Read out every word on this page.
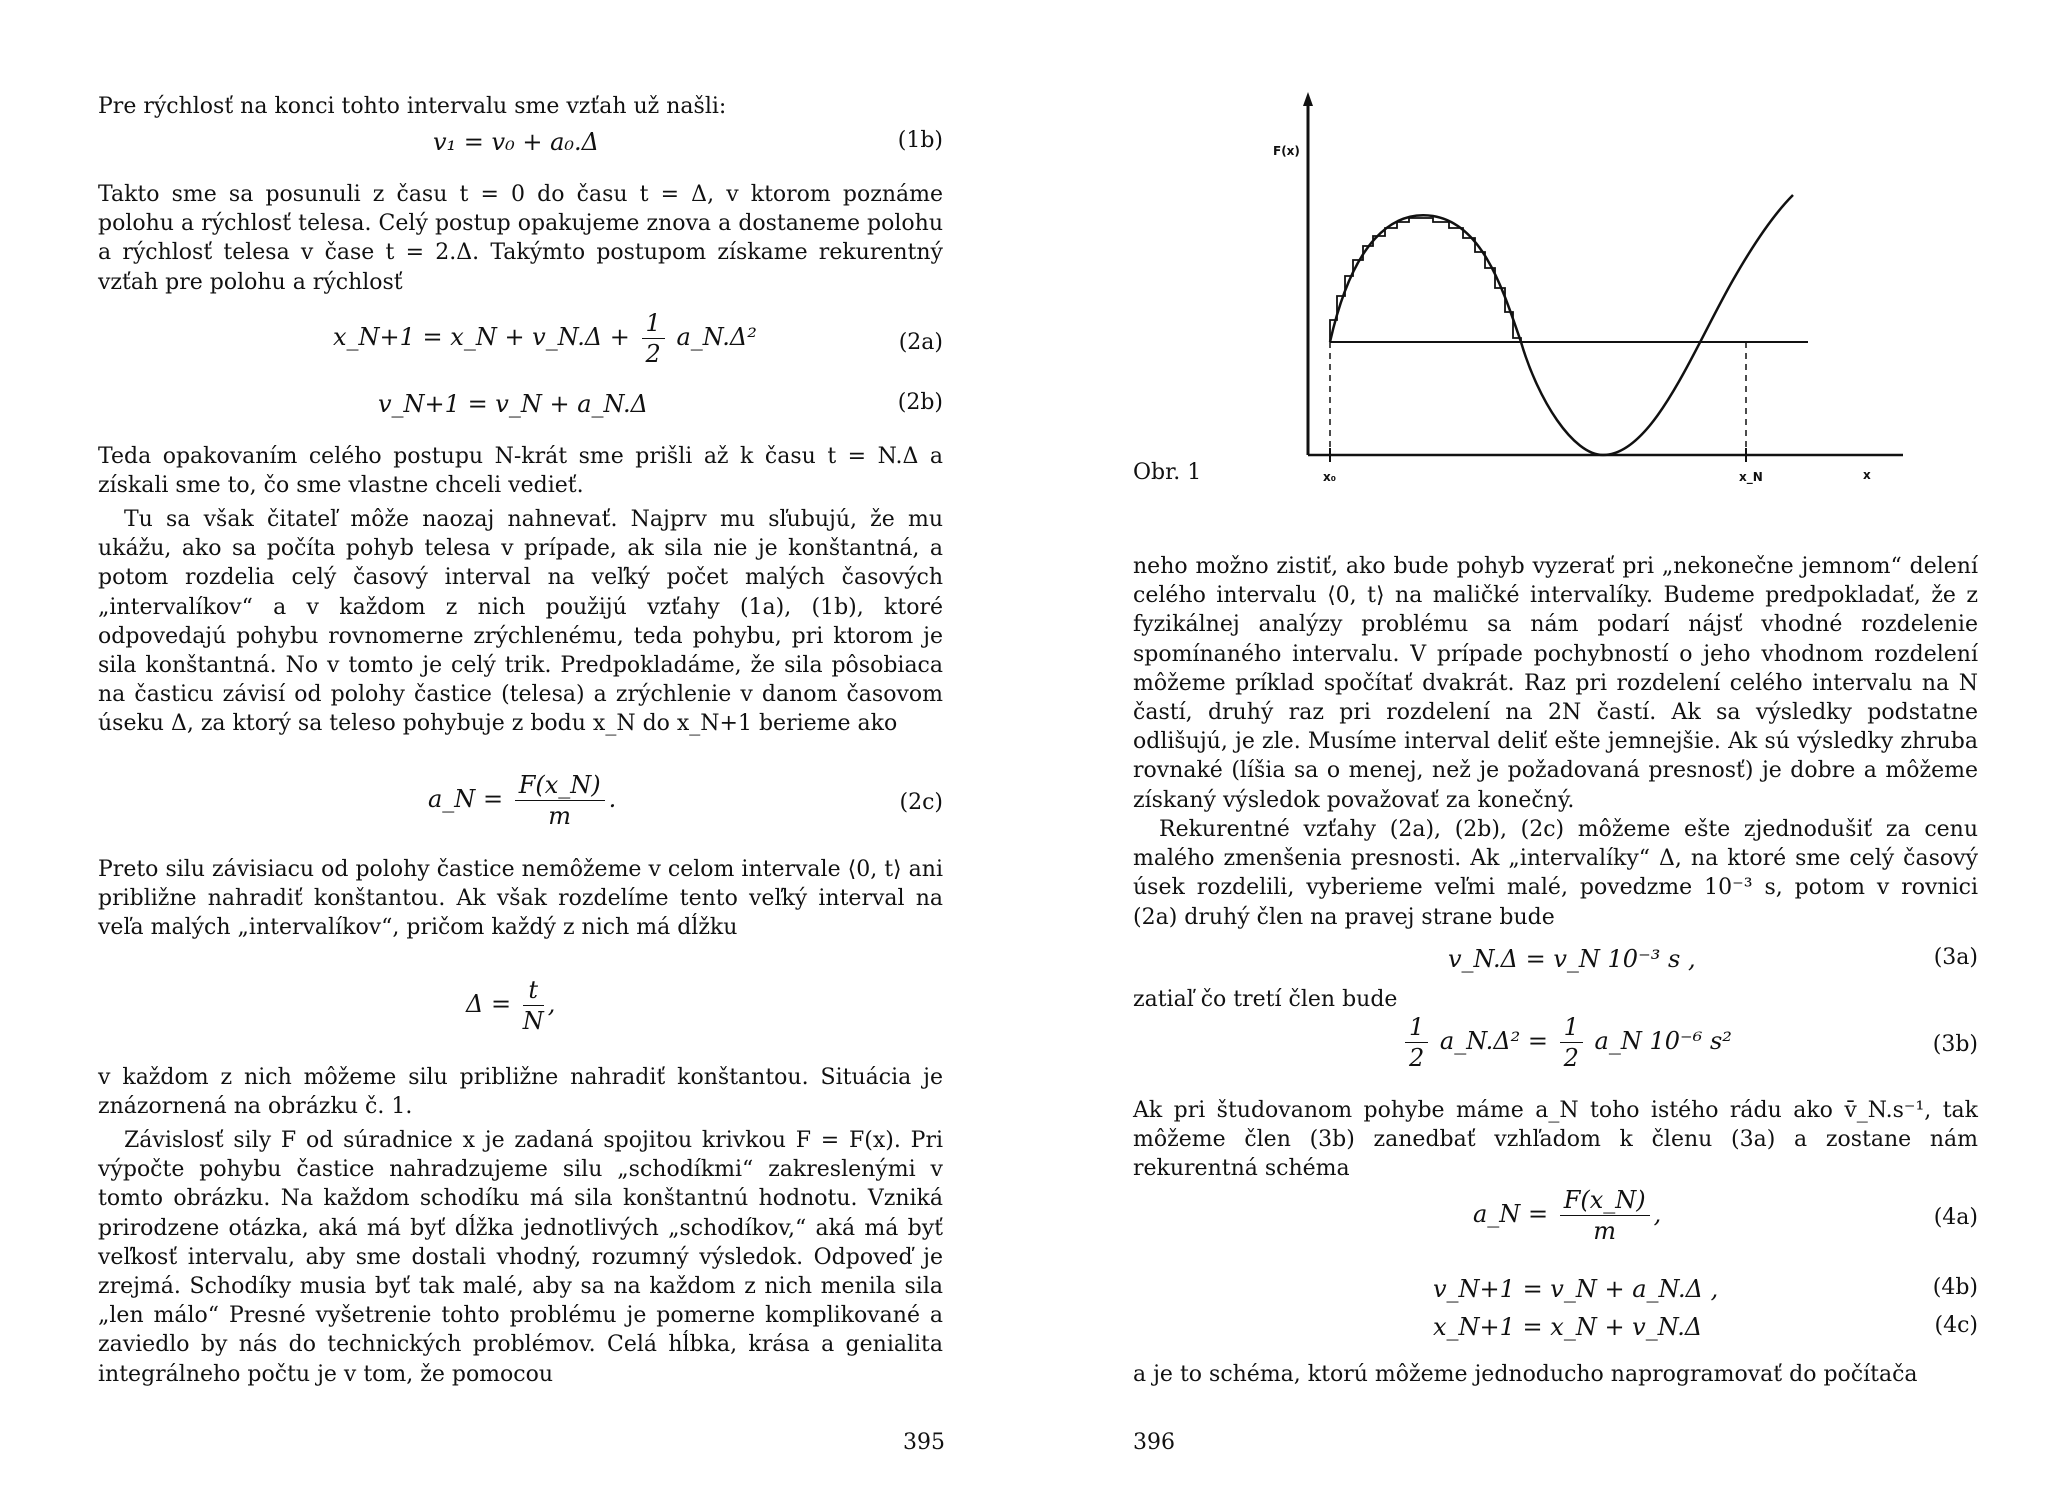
Pre rýchlosť na konci tohto intervalu sme vzťah už našli:

v₁ = v₀ + a₀.Δ	(1b)

Takto sme sa posunuli z času t = 0 do času t = Δ, v ktorom poznáme polohu a rýchlosť telesa. Celý postup opakujeme znova a dostaneme polohu a rýchlosť telesa v čase t = 2.Δ. Takýmto postupom získame rekurentný vzťah pre polohu a rýchlosť

x_N+1 = x_N + v_N.Δ + $\frac{1}{2}$ a_N.Δ²	(2a)
v_N+1 = v_N + a_N.Δ	(2b)

Teda opakovaním celého postupu N-krát sme prišli až k času t = N.Δ a získali sme to, čo sme vlastne chceli vedieť.

Tu sa však čitateľ môže naozaj nahnevať. Najprv mu sľubujú, že mu ukážu, ako sa počíta pohyb telesa v prípade, ak sila nie je konštantná, a potom rozdelia celý časový interval na veľký počet malých časových „intervalíkov“ a v každom z nich použijú vzťahy (1a), (1b), ktoré odpovedajú pohybu rovnomerne zrýchlenému, teda pohybu, pri ktorom je sila konštantná. No v tomto je celý trik. Predpokladáme, že sila pôsobiaca na časticu závisí od polohy častice (telesa) a zrýchlenie v danom časovom úseku Δ, za ktorý sa teleso pohybuje z bodu x_N do x_N+1 berieme ako

a_N = $\frac{F(x\_N)}{m}$ .	(2c)

Preto silu závisiacu od polohy častice nemôžeme v celom intervale ⟨0, t⟩ ani približne nahradiť konštantou. Ak však rozdelíme tento veľký interval na veľa malých „intervalíkov“, pričom každý z nich má dĺžku

$\Delta = \frac{t}{N}$ ,

v každom z nich môžeme silu približne nahradiť konštantou. Situácia je znázornená na obrázku č. 1.

Závislosť sily F od súradnice x je zadaná spojitou krivkou F = F(x). Pri výpočte pohybu častice nahradzujeme silu „schodíkmi“ zakreslenými v tomto obrázku. Na každom schodíku má sila konštantnú hodnotu. Vzniká prirodzene otázka, aká má byť dĺžka jednotlivých „schodíkov,“ aká má byť veľkosť intervalu, aby sme dostali vhodný, rozumný výsledok. Odpoveď je zrejmá. Schodíky musia byť tak malé, aby sa na každom z nich menila sila „len málo“ Presné vyšetrenie tohto problému je pomerne komplikované a zaviedlo by nás do technických problémov. Celá hĺbka, krása a genialita integrálneho počtu je v tom, že pomocou

395
F(x)
x₀	x_N	x
Obr. 1

neho možno zistiť, ako bude pohyb vyzerať pri „nekonečne jemnom“ delení celého intervalu ⟨0, t⟩ na maličké intervalíky. Budeme predpokladať, že z fyzikálnej analýzy problému sa nám podarí nájsť vhodné rozdelenie spomínaného intervalu. V prípade pochybností o jeho vhodnom rozdelení môžeme príklad spočítať dvakrát. Raz pri rozdelení celého intervalu na N častí, druhý raz pri rozdelení na 2N častí. Ak sa výsledky podstatne odlišujú, je zle. Musíme interval deliť ešte jemnejšie. Ak sú výsledky zhruba rovnaké (líšia sa o menej, než je požadovaná presnosť) je dobre a môžeme získaný výsledok považovať za konečný.

Rekurentné vzťahy (2a), (2b), (2c) môžeme ešte zjednodušiť za cenu malého zmenšenia presnosti. Ak „intervalíky“ Δ, na ktoré sme celý časový úsek rozdelili, vyberieme veľmi malé, povedzme 10⁻³ s, potom v rovnici (2a) druhý člen na pravej strane bude

v_N.Δ = v_N 10⁻³ s ,	(3a)

zatiaľ čo tretí člen bude

$\frac{1}{2}$ a_N.Δ² = $\frac{1}{2}$ a_N 10⁻⁶ s²	(3b)

Ak pri študovanom pohybe máme a_N toho istého rádu ako v̄_N.s⁻¹, tak môžeme člen (3b) zanedbať vzhľadom k členu (3a) a zostane nám rekurentná schéma

a_N = $\frac{F(x\_N)}{m}$ ,	(4a)
v_N+1 = v_N + a_N.Δ ,	(4b)
x_N+1 = x_N + v_N.Δ	(4c)

a je to schéma, ktorú môžeme jednoducho naprogramovať do počítača

396
